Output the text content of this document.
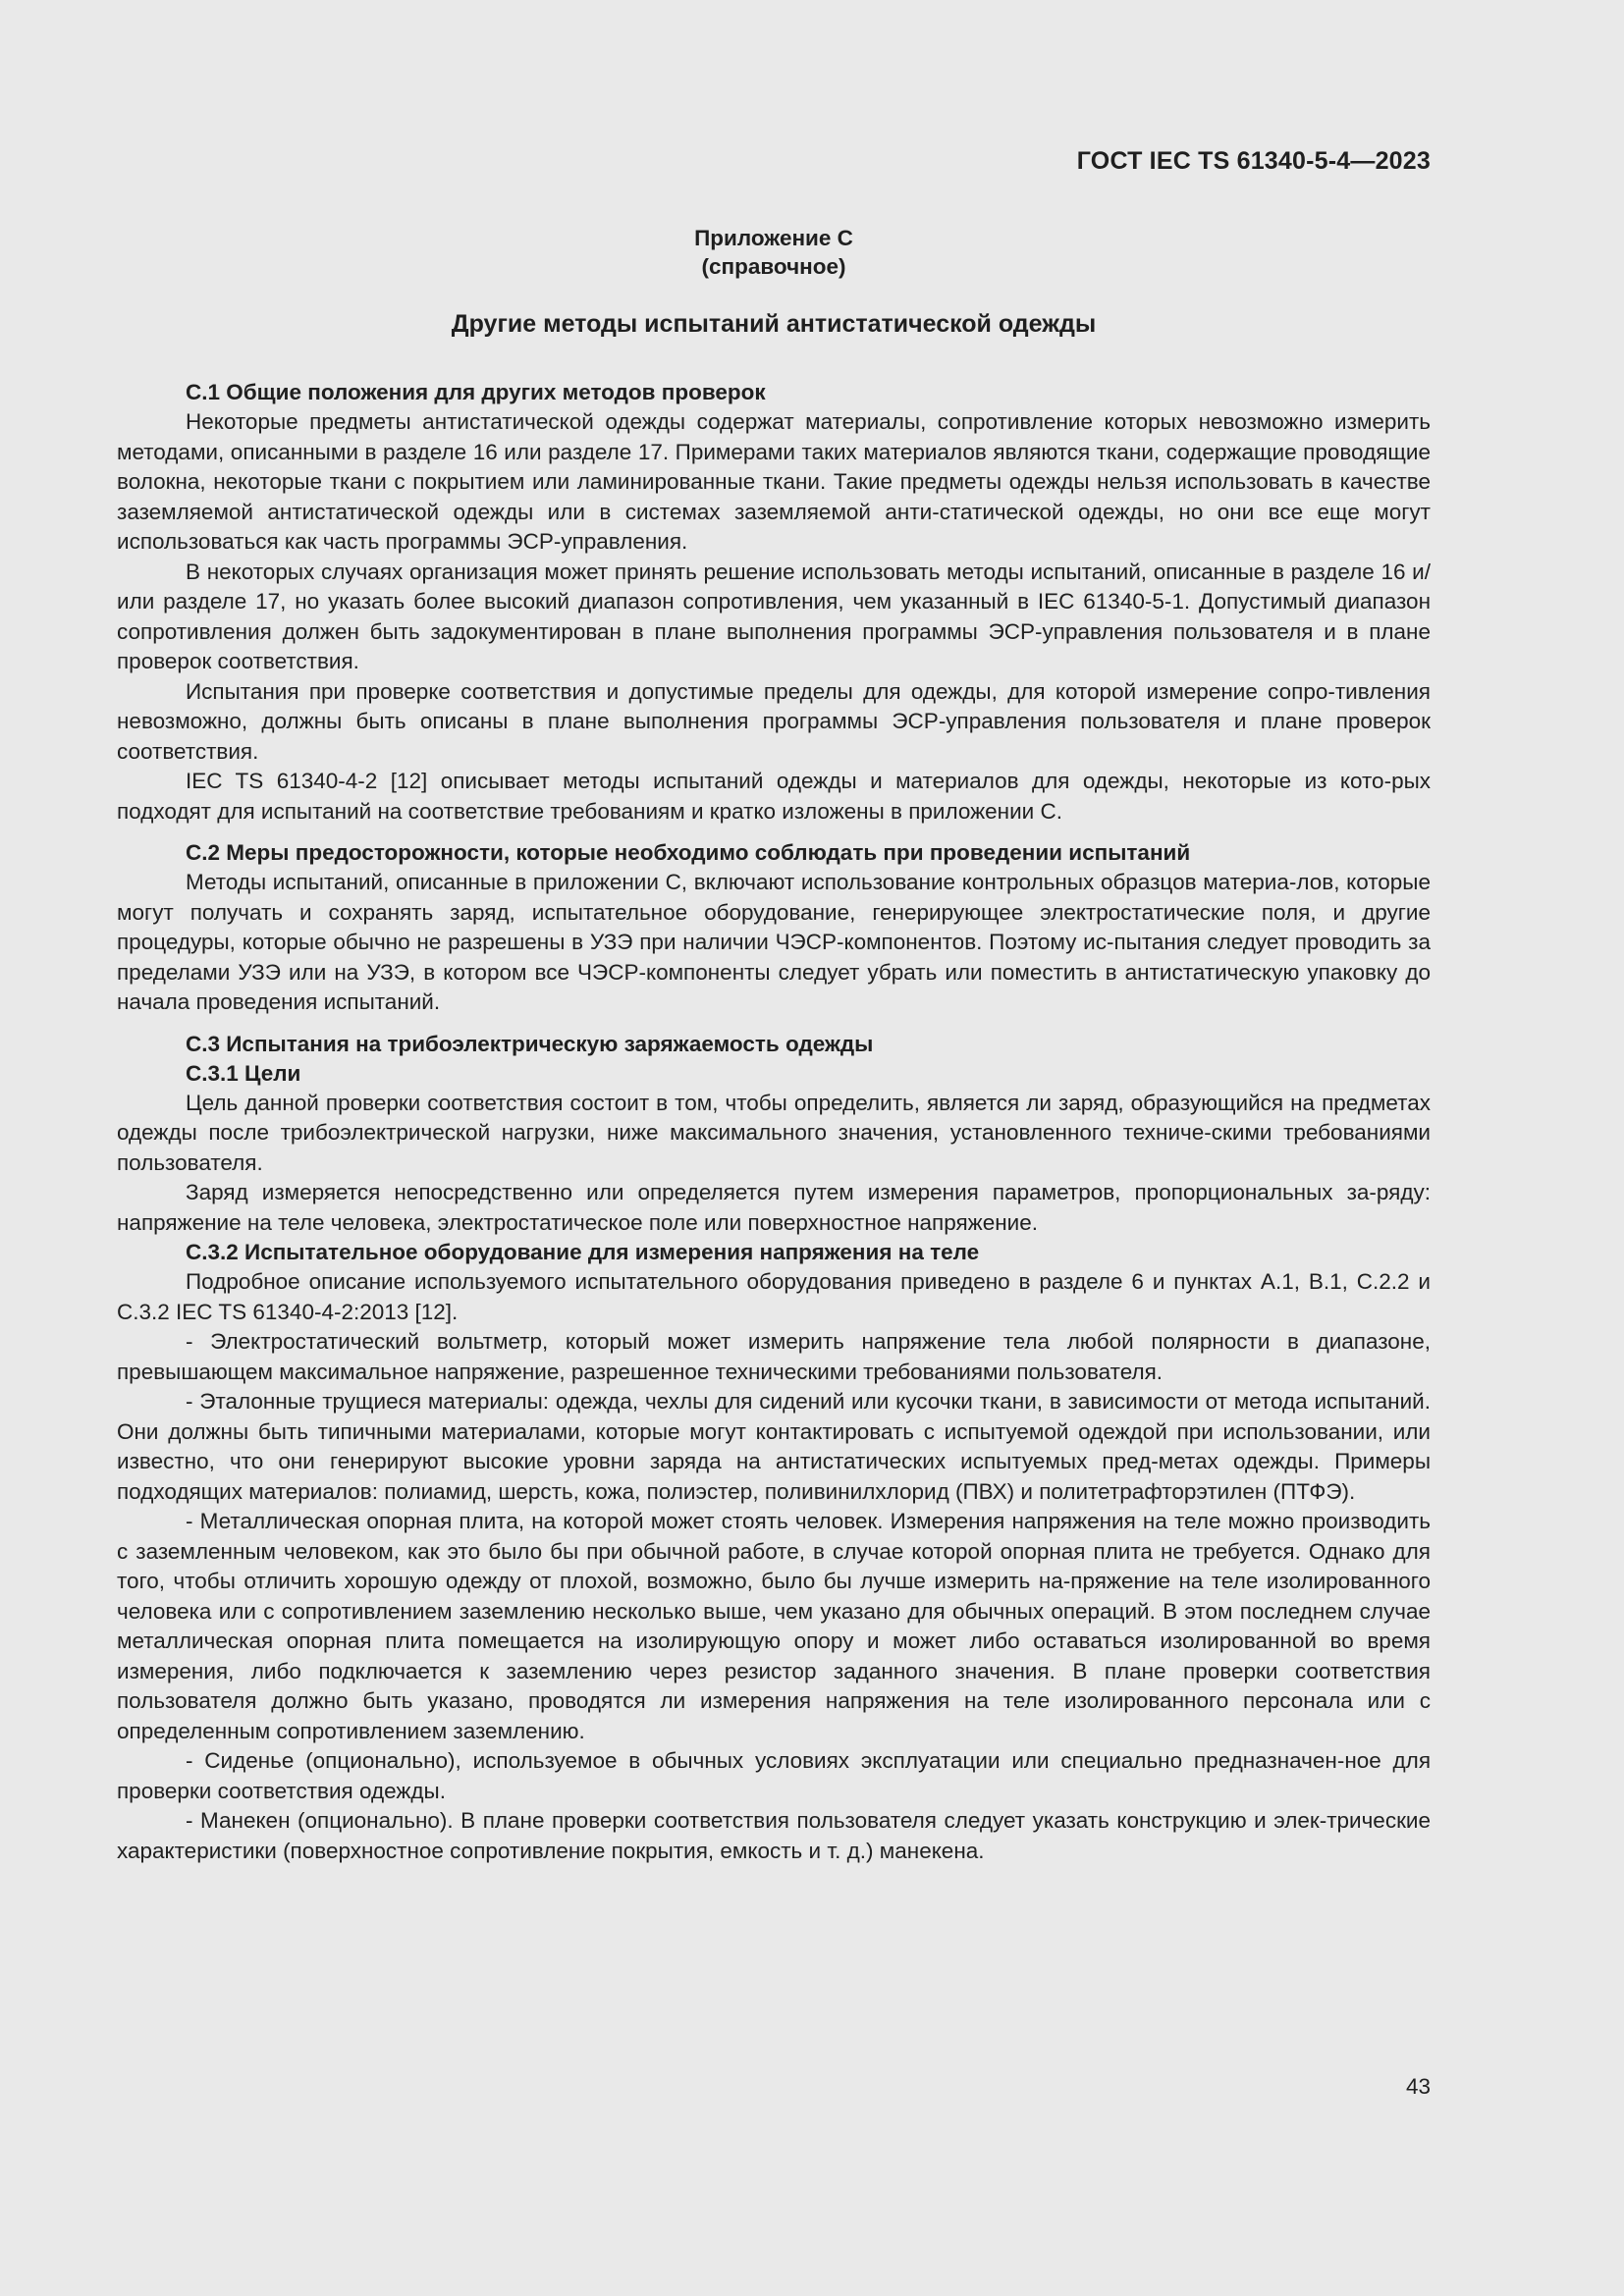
ГОСТ IEC TS 61340-5-4—2023
Приложение С
(справочное)
Другие методы испытаний антистатической одежды
С.1 Общие положения для других методов проверок

Некоторые предметы антистатической одежды содержат материалы, сопротивление которых невозможно измерить методами, описанными в разделе 16 или разделе 17. Примерами таких материалов являются ткани, содержащие проводящие волокна, некоторые ткани с покрытием или ламинированные ткани. Такие предметы одежды нельзя использовать в качестве заземляемой антистатической одежды или в системах заземляемой анти-статической одежды, но они все еще могут использоваться как часть программы ЭСР-управления.

В некоторых случаях организация может принять решение использовать методы испытаний, описанные в разделе 16 и/или разделе 17, но указать более высокий диапазон сопротивления, чем указанный в IEC 61340-5-1. Допустимый диапазон сопротивления должен быть задокументирован в плане выполнения программы ЭСР-управления пользователя и в плане проверок соответствия.

Испытания при проверке соответствия и допустимые пределы для одежды, для которой измерение сопро-тивления невозможно, должны быть описаны в плане выполнения программы ЭСР-управления пользователя и плане проверок соответствия.

IEC TS 61340-4-2 [12] описывает методы испытаний одежды и материалов для одежды, некоторые из кото-рых подходят для испытаний на соответствие требованиям и кратко изложены в приложении С.

С.2 Меры предосторожности, которые необходимо соблюдать при проведении испытаний

Методы испытаний, описанные в приложении С, включают использование контрольных образцов материа-лов, которые могут получать и сохранять заряд, испытательное оборудование, генерирующее электростатические поля, и другие процедуры, которые обычно не разрешены в УЗЭ при наличии ЧЭСР-компонентов. Поэтому ис-пытания следует проводить за пределами УЗЭ или на УЗЭ, в котором все ЧЭСР-компоненты следует убрать или поместить в антистатическую упаковку до начала проведения испытаний.

С.3 Испытания на трибоэлектрическую заряжаемость одежды
С.3.1 Цели

Цель данной проверки соответствия состоит в том, чтобы определить, является ли заряд, образующийся на предметах одежды после трибоэлектрической нагрузки, ниже максимального значения, установленного техниче-скими требованиями пользователя.

Заряд измеряется непосредственно или определяется путем измерения параметров, пропорциональных за-ряду: напряжение на теле человека, электростатическое поле или поверхностное напряжение.

С.3.2 Испытательное оборудование для измерения напряжения на теле

Подробное описание используемого испытательного оборудования приведено в разделе 6 и пунктах А.1, В.1, С.2.2 и С.3.2 IEC TS 61340-4-2:2013 [12].

- Электростатический вольтметр, который может измерить напряжение тела любой полярности в диапазоне, превышающем максимальное напряжение, разрешенное техническими требованиями пользователя.

- Эталонные трущиеся материалы: одежда, чехлы для сидений или кусочки ткани, в зависимости от метода испытаний. Они должны быть типичными материалами, которые могут контактировать с испытуемой одеждой при использовании, или известно, что они генерируют высокие уровни заряда на антистатических испытуемых пред-метах одежды. Примеры подходящих материалов: полиамид, шерсть, кожа, полиэстер, поливинилхлорид (ПВХ) и политетрафторэтилен (ПТФЭ).

- Металлическая опорная плита, на которой может стоять человек. Измерения напряжения на теле можно производить с заземленным человеком, как это было бы при обычной работе, в случае которой опорная плита не требуется. Однако для того, чтобы отличить хорошую одежду от плохой, возможно, было бы лучше измерить на-пряжение на теле изолированного человека или с сопротивлением заземлению несколько выше, чем указано для обычных операций. В этом последнем случае металлическая опорная плита помещается на изолирующую опору и может либо оставаться изолированной во время измерения, либо подключается к заземлению через резистор заданного значения. В плане проверки соответствия пользователя должно быть указано, проводятся ли измерения напряжения на теле изолированного персонала или с определенным сопротивлением заземлению.

- Сиденье (опционально), используемое в обычных условиях эксплуатации или специально предназначен-ное для проверки соответствия одежды.

- Манекен (опционально). В плане проверки соответствия пользователя следует указать конструкцию и элек-трические характеристики (поверхностное сопротивление покрытия, емкость и т. д.) манекена.

43
